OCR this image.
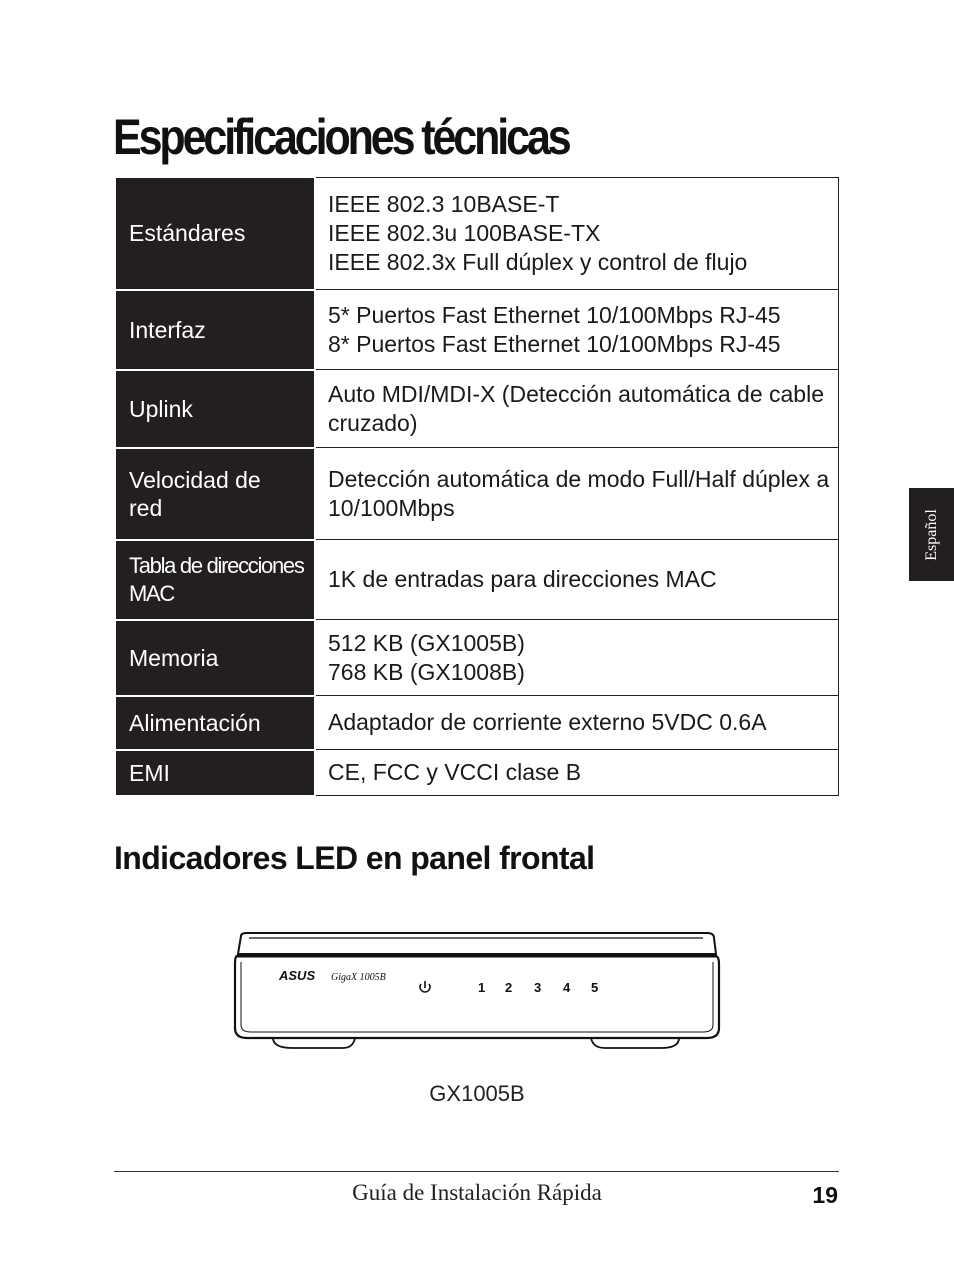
Especificaciones técnicas
Estándares		IEEE 802.3 10BASE-T
IEEE 802.3u 100BASE-TX
IEEE 802.3x Full dúplex y control de flujo

Interfaz		5* Puertos Fast Ethernet 10/100Mbps RJ-45
8* Puertos Fast Ethernet 10/100Mbps RJ-45

Uplink		Auto MDI/MDI-X (Detección automática de cable cruzado)

Velocidad de red		Detección automática de modo Full/Half dúplex a 10/100Mbps

Tabla de direcciones MAC		1K de entradas para direcciones MAC

Memoria		512 KB (GX1005B)
768 KB (GX1008B)

Alimentación		Adaptador de corriente externo 5VDC 0.6A

EMI		CE, FCC y VCCI clase B
Indicadores LED en panel frontal
ASUS GigaX 1005B
1 2 3 4 5
GX1005B
Español
Guía de Instalación Rápida	19
